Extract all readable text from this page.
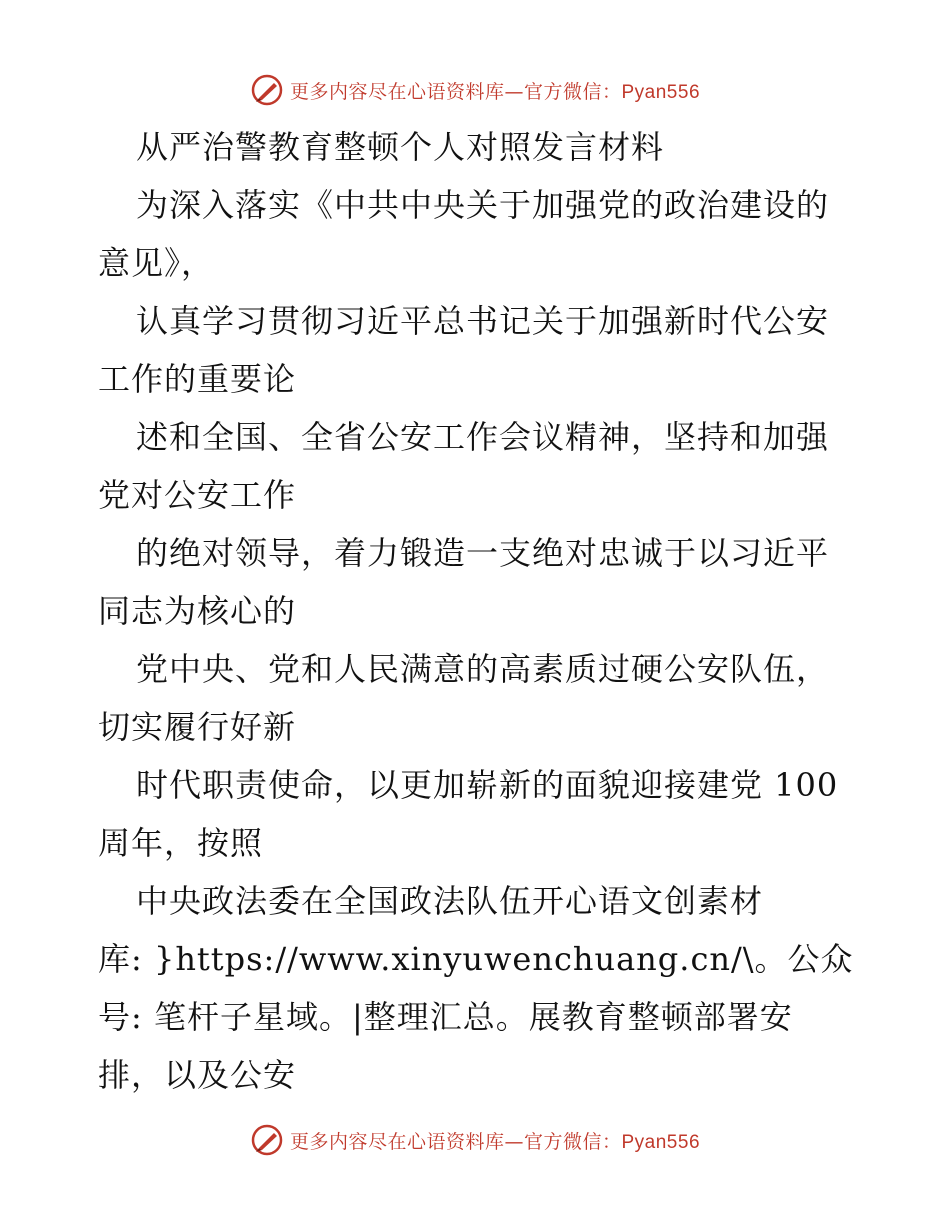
更多内容尽在心语资料库—官方微信：Pyan556
从严治警教育整顿个人对照发言材料
为深入落实《中共中央关于加强党的政治建设的
意见》，
认真学习贯彻习近平总书记关于加强新时代公安
工作的重要论
述和全国、全省公安工作会议精神，坚持和加强
党对公安工作
的绝对领导，着力锻造一支绝对忠诚于以习近平
同志为核心的
党中央、党和人民满意的高素质过硬公安队伍，
切实履行好新
时代职责使命，以更加崭新的面貌迎接建党 100
周年，按照
中央政法委在全国政法队伍开心语文创素材
库: }https://www.xinyuwenchuang.cn/\。公众
号: 笔杆子星域。|整理汇总。展教育整顿部署安
排，以及公安
更多内容尽在心语资料库—官方微信：Pyan556
